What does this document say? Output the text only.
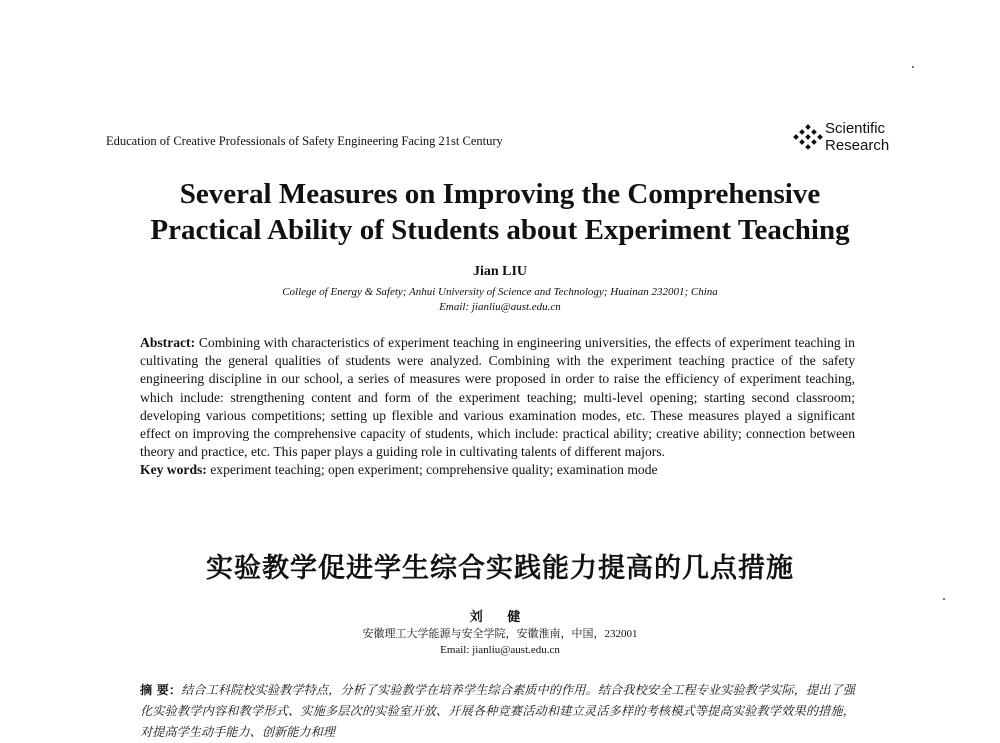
Education of Creative Professionals of Safety Engineering Facing 21st Century
Scientific
Research
Several Measures on Improving the Comprehensive
Practical Ability of Students about Experiment Teaching
Jian LIU
College of Energy & Safety; Anhui University of Science and Technology; Huainan 232001; China
Email: jianliu@aust.edu.cn
Abstract: Combining with characteristics of experiment teaching in engineering universities, the effects of experiment teaching in cultivating the general qualities of students were analyzed. Combining with the experiment teaching practice of the safety engineering discipline in our school, a series of measures were proposed in order to raise the efficiency of experiment teaching, which include: strengthening content and form of the experiment teaching; multi-level opening; starting second classroom; developing various competitions; setting up flexible and various examination modes, etc. These measures played a significant effect on improving the comprehensive capacity of students, which include: practical ability; creative ability; connection between theory and practice, etc. This paper plays a guiding role in cultivating talents of different majors.
Key words: experiment teaching; open experiment; comprehensive quality; examination mode
实验教学促进学生综合实践能力提高的几点措施
刘 健
安徽理工大学能源与安全学院，安徽淮南，中国，232001
Email: jianliu@aust.edu.cn
摘 要：结合工科院校实验教学特点，分析了实验教学在培养学生综合素质中的作用。结合我校安全工程专业实验教学实际，提出了强化实验教学内容和教学形式、实施多层次的实验室开放、开展各种竞赛活动和建立灵活多样的考核模式等提高实验教学效果的措施，对提高学生动手能力、创新能力和理
